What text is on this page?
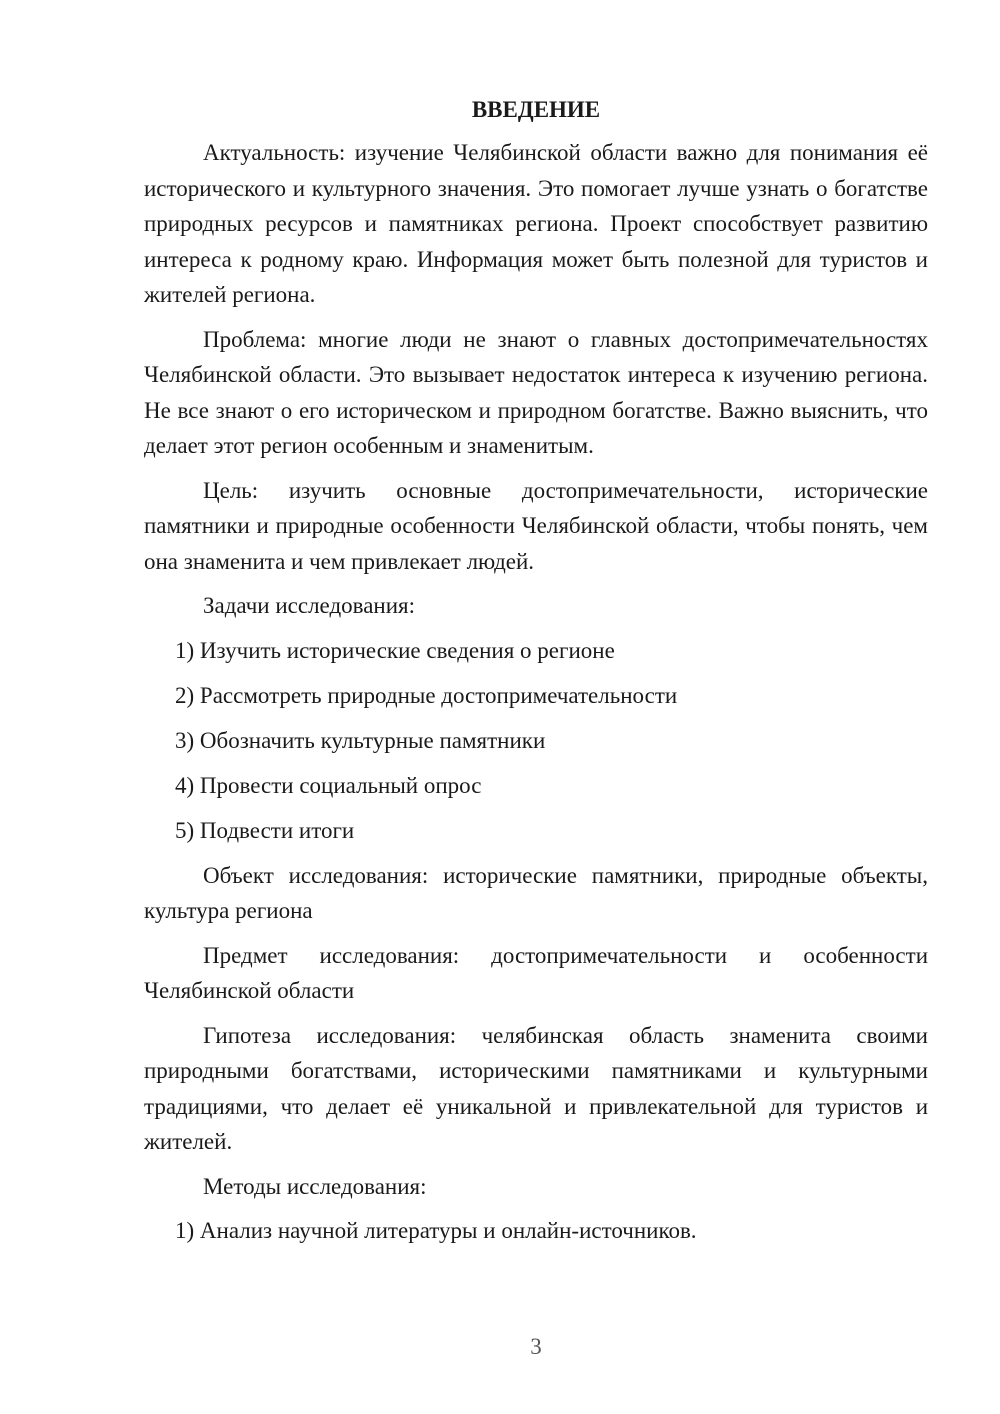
ВВЕДЕНИЕ

Актуальность: изучение Челябинской области важно для понимания её исторического и культурного значения. Это помогает лучше узнать о богатстве природных ресурсов и памятниках региона. Проект способствует развитию интереса к родному краю. Информация может быть полезной для туристов и жителей региона.

Проблема: многие люди не знают о главных достопримечательностях Челябинской области. Это вызывает недостаток интереса к изучению региона. Не все знают о его историческом и природном богатстве. Важно выяснить, что делает этот регион особенным и знаменитым.

Цель: изучить основные достопримечательности, исторические памятники и природные особенности Челябинской области, чтобы понять, чем она знаменита и чем привлекает людей.

Задачи исследования:

1) Изучить исторические сведения о регионе
2) Рассмотреть природные достопримечательности
3) Обозначить культурные памятники
4) Провести социальный опрос
5) Подвести итоги

Объект исследования: исторические памятники, природные объекты, культура региона

Предмет исследования: достопримечательности и особенности Челябинской области

Гипотеза исследования: челябинская область знаменита своими природными богатствами, историческими памятниками и культурными традициями, что делает её уникальной и привлекательной для туристов и жителей.

Методы исследования:

1) Анализ научной литературы и онлайн-источников.
3
